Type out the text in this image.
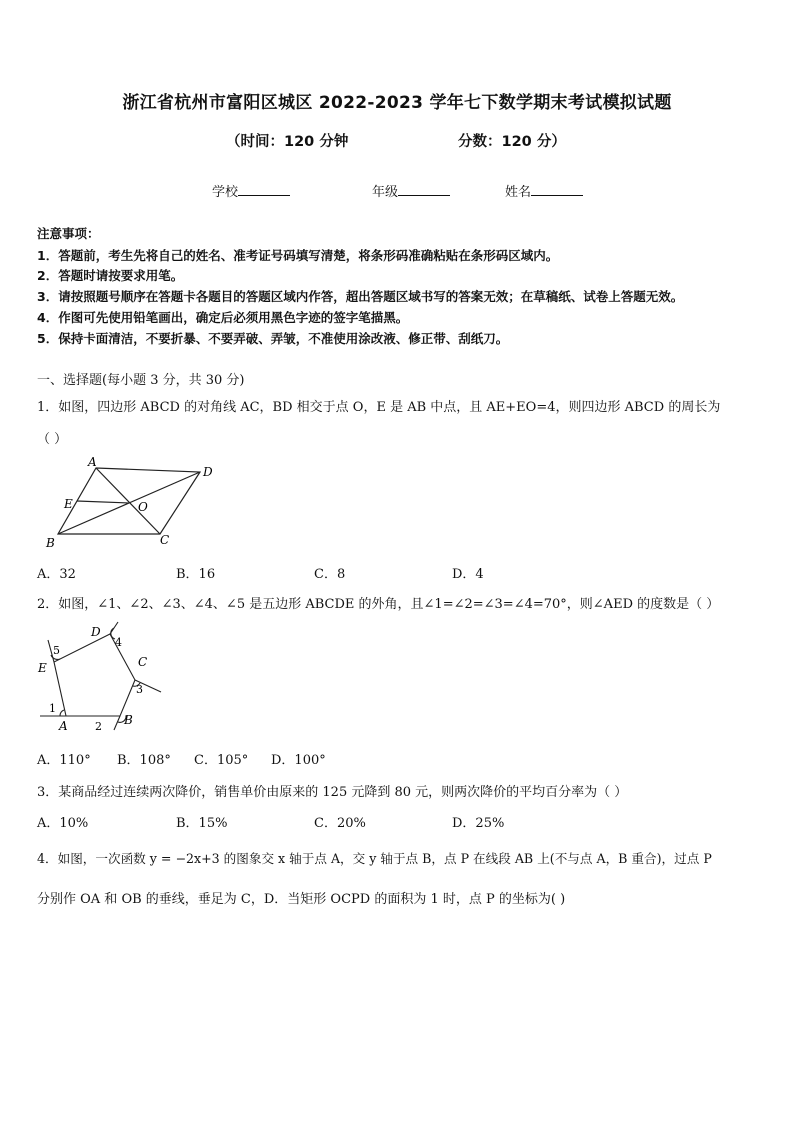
浙江省杭州市富阳区城区 2022-2023 学年七下数学期末考试模拟试题
（时间：120 分钟	分数：120 分）
学校	年级	姓名
注意事项：
1．答题前，考生先将自己的姓名、准考证号码填写清楚，将条形码准确粘贴在条形码区域内。
2．答题时请按要求用笔。
3．请按照题号顺序在答题卡各题目的答题区域内作答，超出答题区域书写的答案无效；在草稿纸、试卷上答题无效。
4．作图可先使用铅笔画出，确定后必须用黑色字迹的签字笔描黑。
5．保持卡面清洁，不要折暴、不要弄破、弄皱，不准使用涂改液、修正带、刮纸刀。
一、选择题(每小题 3 分，共 30 分)
1．如图，四边形 ABCD 的对角线 AC，BD 相交于点 O，E 是 AB 中点，且 AE+EO=4，则四边形 ABCD 的周长为
（ ）
A
D
E	O
B	C
A．32	B．16	C．8	D．4
2．如图，∠1、∠2、∠3、∠4、∠5 是五边形 ABCDE 的外角，且∠1=∠2=∠3=∠4=70°，则∠AED 的度数是（ ）
A	B
C
D
E
1
2
3
4
5
A．110° B．108° C．105° D．100°
3．某商品经过连续两次降价，销售单价由原来的 125 元降到 80 元，则两次降价的平均百分率为（ ）
A．10%	B．15%	C．20%	D．25%
4．如图，一次函数 y = −2x+3 的图象交 x 轴于点 A，交 y 轴于点 B，点 P 在线段 AB 上(不与点 A，B 重合)，过点 P
分别作 OA 和 OB 的垂线，垂足为 C，D．当矩形 OCPD 的面积为 1 时，点 P 的坐标为( )
